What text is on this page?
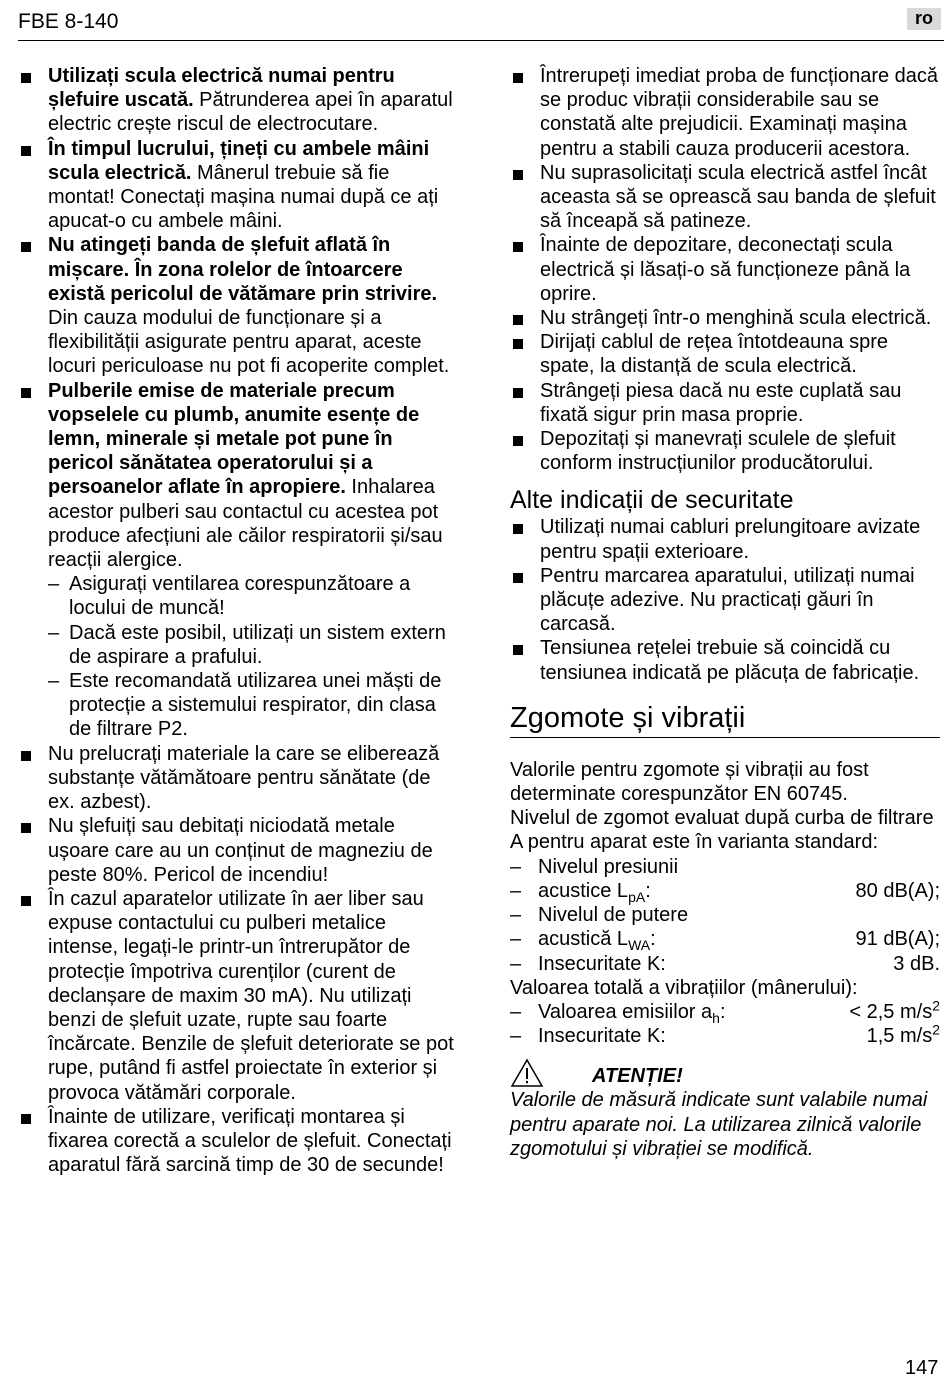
FBE 8-140	ro
Utilizați scula electrică numai pentru șlefuire uscată. Pătrunderea apei în aparatul electric crește riscul de electrocutare.
În timpul lucrului, țineți cu ambele mâini scula electrică. Mânerul trebuie să fie montat! Conectați mașina numai după ce ați apucat-o cu ambele mâini.
Nu atingeți banda de șlefuit aflată în mișcare. În zona rolelor de întoarcere există pericolul de vătămare prin strivire. Din cauza modului de funcționare și a flexibilității asigurate pentru aparat, aceste locuri periculoase nu pot fi acoperite complet.
Pulberile emise de materiale precum vopselele cu plumb, anumite esențe de lemn, minerale și metale pot pune în pericol sănătatea operatorului și a persoanelor aflate în apropiere. Inhalarea acestor pulberi sau contactul cu acestea pot produce afecțiuni ale căilor respiratorii și/sau reacții alergice.
– Asigurați ventilarea corespunzătoare a locului de muncă!
– Dacă este posibil, utilizați un sistem extern de aspirare a prafului.
– Este recomandată utilizarea unei măști de protecție a sistemului respirator, din clasa de filtrare P2.
Nu prelucrați materiale la care se eliberează substanțe vătămătoare pentru sănătate (de ex. azbest).
Nu șlefuiți sau debitați niciodată metale ușoare care au un conținut de magneziu de peste 80%. Pericol de incendiu!
În cazul aparatelor utilizate în aer liber sau expuse contactului cu pulberi metalice intense, legați-le printr-un întrerupător de protecție împotriva curenților (curent de declanșare de maxim 30 mA). Nu utilizați benzi de șlefuit uzate, rupte sau foarte încărcate. Benzile de șlefuit deteriorate se pot rupe, putând fi astfel proiectate în exterior și provoca vătămări corporale.
Înainte de utilizare, verificați montarea și fixarea corectă a sculelor de șlefuit. Conectați aparatul fără sarcină timp de 30 de secunde!
Întrerupeți imediat proba de funcționare dacă se produc vibrații considerabile sau se constată alte prejudicii. Examinați mașina pentru a stabili cauza producerii acestora.
Nu suprasolicitați scula electrică astfel încât aceasta să se oprească sau banda de șlefuit să înceapă să patineze.
Înainte de depozitare, deconectați scula electrică și lăsați-o să funcționeze până la oprire.
Nu strângeți într-o menghină scula electrică.
Dirijați cablul de rețea întotdeauna spre spate, la distanță de scula electrică.
Strângeți piesa dacă nu este cuplată sau fixată sigur prin masa proprie.
Depozitați și manevrați sculele de șlefuit conform instrucțiunilor producătorului.
Alte indicații de securitate
Utilizați numai cabluri prelungitoare avizate pentru spații exterioare.
Pentru marcarea aparatului, utilizați numai plăcuțe adezive. Nu practicați găuri în carcasă.
Tensiunea rețelei trebuie să coincidă cu tensiunea indicată pe plăcuța de fabricație.
Zgomote și vibrații
Valorile pentru zgomote și vibrații au fost determinate corespunzător EN 60745.
Nivelul de zgomot evaluat după curba de filtrare A pentru aparat este în varianta standard:
– Nivelul presiunii
– acustice $L_{pA}$:	80 dB(A);
– Nivelul de putere
– acustică $L_{WA}$:	91 dB(A);
– Insecuritate K:	3 dB.
Valoarea totală a vibrațiilor (mânerului):
– Valoarea emisiilor $a_h$:	< 2,5 $m/s^2$
– Insecuritate K:	1,5 $m/s^2$
ATENȚIE!
Valorile de măsură indicate sunt valabile numai pentru aparate noi. La utilizarea zilnică valorile zgomotului și vibrației se modifică.
147
